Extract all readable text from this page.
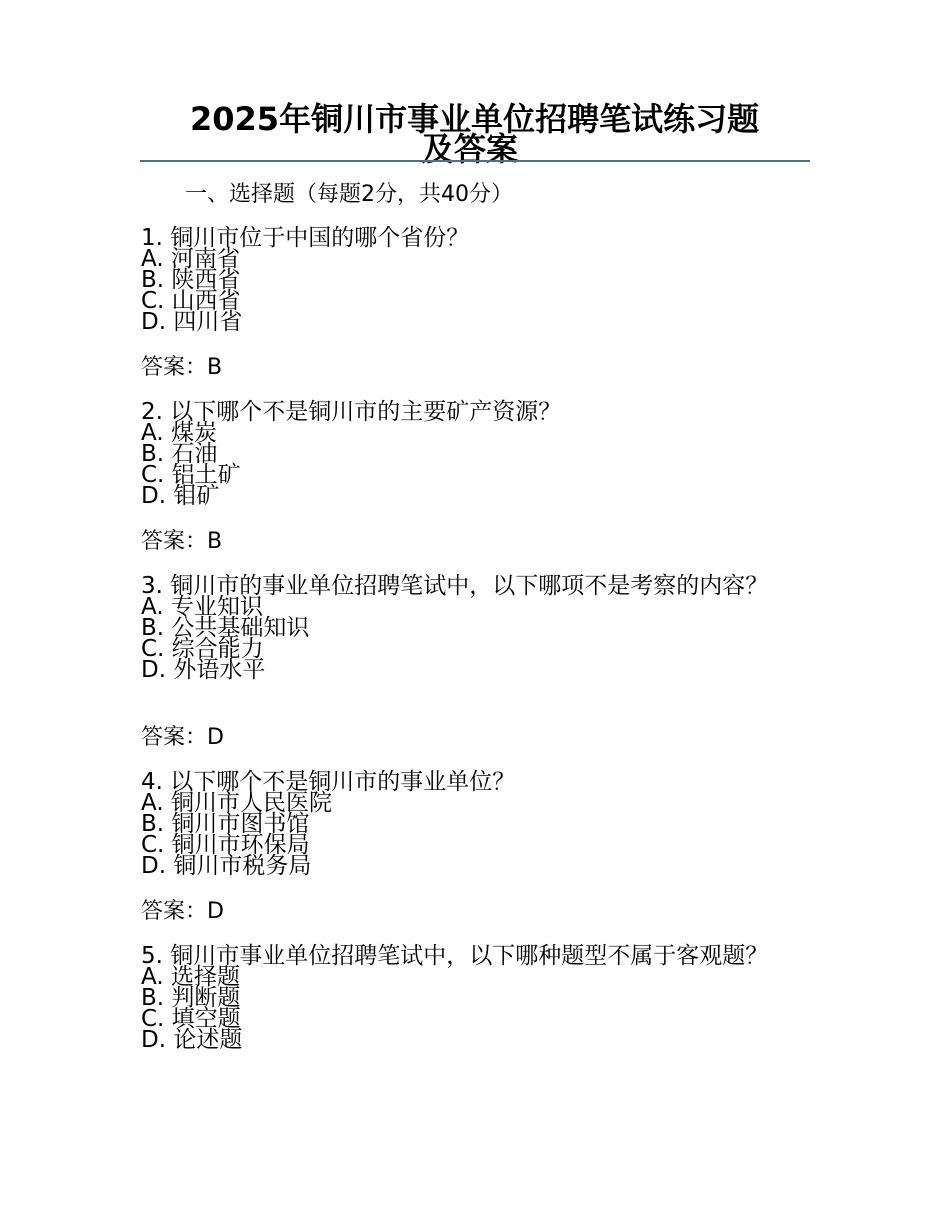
2025年铜川市事业单位招聘笔试练习题
及答案
一、选择题（每题2分，共40分）
1. 铜川市位于中国的哪个省份？
A. 河南省
B. 陕西省
C. 山西省
D. 四川省
答案：B
2. 以下哪个不是铜川市的主要矿产资源？
A. 煤炭
B. 石油
C. 铝土矿
D. 钼矿
答案：B
3. 铜川市的事业单位招聘笔试中，以下哪项不是考察的内容？
A. 专业知识
B. 公共基础知识
C. 综合能力
D. 外语水平
答案：D
4. 以下哪个不是铜川市的事业单位？
A. 铜川市人民医院
B. 铜川市图书馆
C. 铜川市环保局
D. 铜川市税务局
答案：D
5. 铜川市事业单位招聘笔试中，以下哪种题型不属于客观题？
A. 选择题
B. 判断题
C. 填空题
D. 论述题
